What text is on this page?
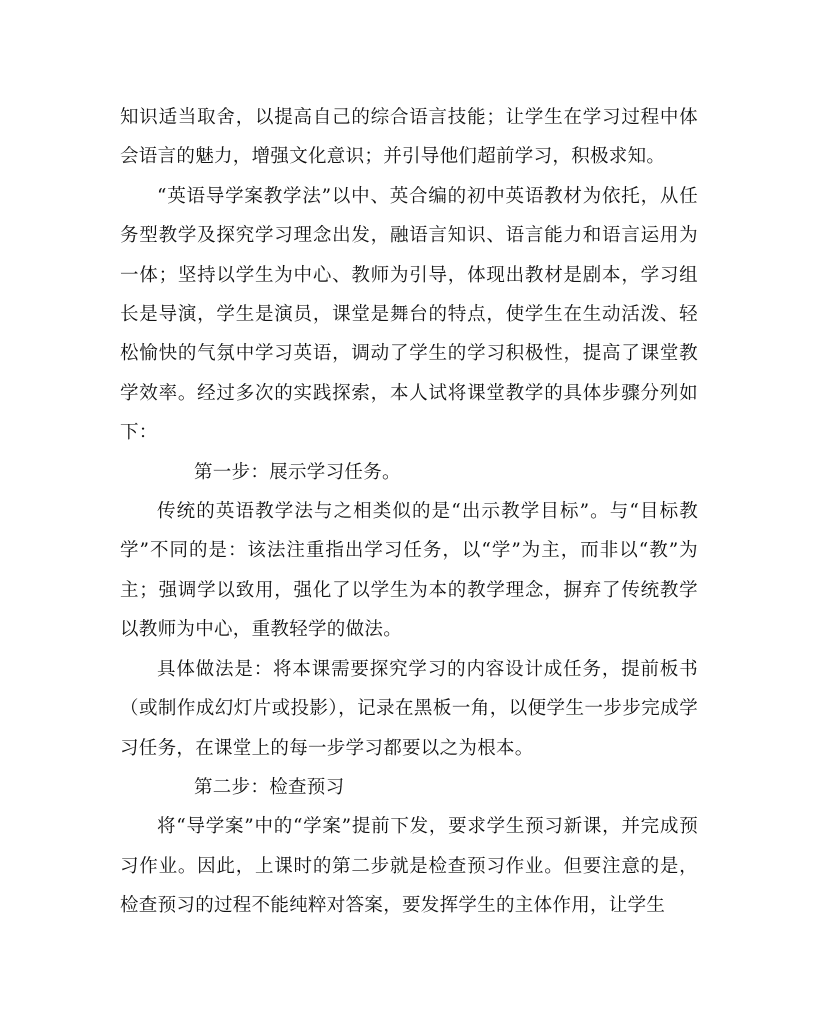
知识适当取舍，以提高自己的综合语言技能；让学生在学习过程中体会语言的魅力，增强文化意识；并引导他们超前学习，积极求知。

“英语导学案教学法”以中、英合编的初中英语教材为依托，从任务型教学及探究学习理念出发，融语言知识、语言能力和语言运用为一体；坚持以学生为中心、教师为引导，体现出教材是剧本，学习组长是导演，学生是演员，课堂是舞台的特点，使学生在生动活泼、轻松愉快的气氛中学习英语，调动了学生的学习积极性，提高了课堂教学效率。经过多次的实践探索，本人试将课堂教学的具体步骤分列如下：

第一步：展示学习任务。

传统的英语教学法与之相类似的是“出示教学目标”。与“目标教学”不同的是：该法注重指出学习任务，以“学”为主，而非以“教”为主；强调学以致用，强化了以学生为本的教学理念，摒弃了传统教学以教师为中心，重教轻学的做法。

具体做法是：将本课需要探究学习的内容设计成任务，提前板书（或制作成幻灯片或投影），记录在黑板一角，以便学生一步步完成学习任务，在课堂上的每一步学习都要以之为根本。

第二步：检查预习

将“导学案”中的“学案”提前下发，要求学生预习新课，并完成预习作业。因此，上课时的第二步就是检查预习作业。但要注意的是，检查预习的过程不能纯粹对答案，要发挥学生的主体作用，让学生
